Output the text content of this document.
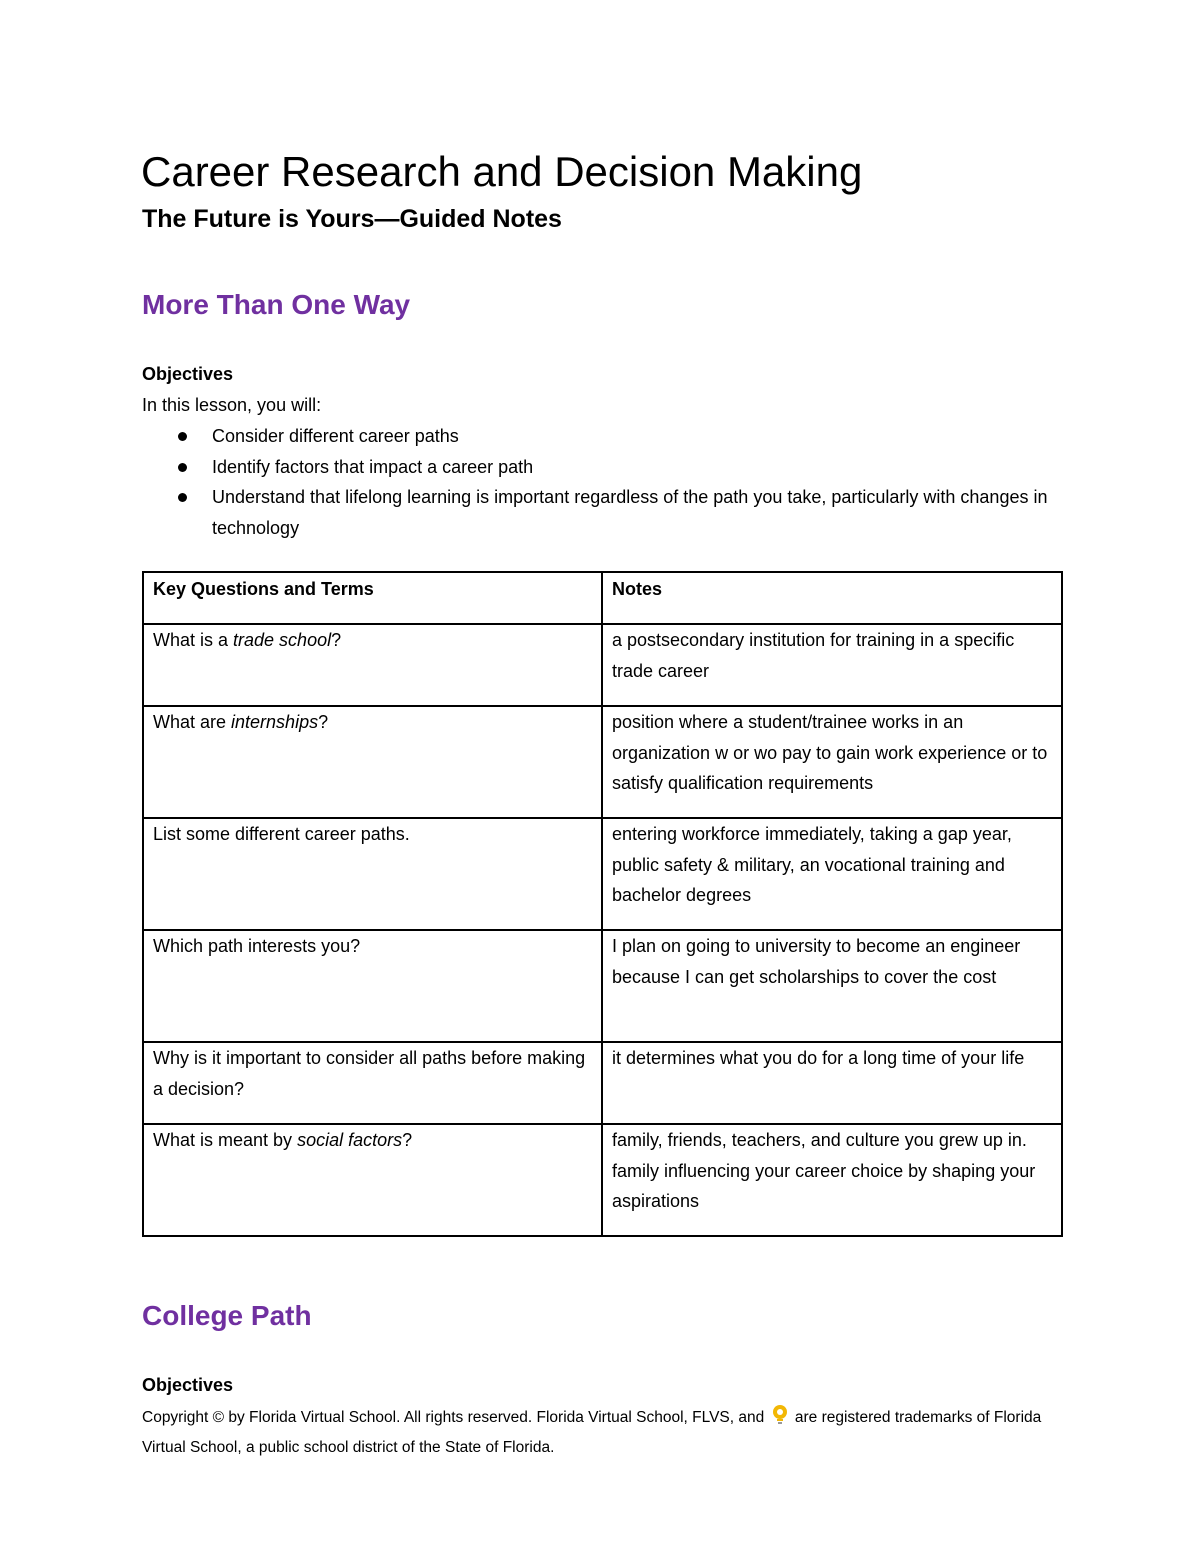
Career Research and Decision Making
The Future is Yours—Guided Notes
More Than One Way
Objectives
In this lesson, you will:
Consider different career paths
Identify factors that impact a career path
Understand that lifelong learning is important regardless of the path you take, particularly with changes in technology
Key Questions and Terms	Notes
What is a trade school?	a postsecondary institution for training in a specific trade career
What are internships?	position where a student/trainee works in an organization w or wo pay to gain work experience or to satisfy qualification requirements
List some different career paths.	entering workforce immediately, taking a gap year, public safety & military, an vocational training and bachelor degrees
Which path interests you?	I plan on going to university to become an engineer because I can get scholarships to cover the cost
Why is it important to consider all paths before making a decision?	it determines what you do for a long time of your life
What is meant by social factors?	family, friends, teachers, and culture you grew up in. family influencing your career choice by shaping your aspirations
College Path
Objectives
Copyright © by Florida Virtual School. All rights reserved. Florida Virtual School, FLVS, and are registered trademarks of Florida Virtual School, a public school district of the State of Florida.
